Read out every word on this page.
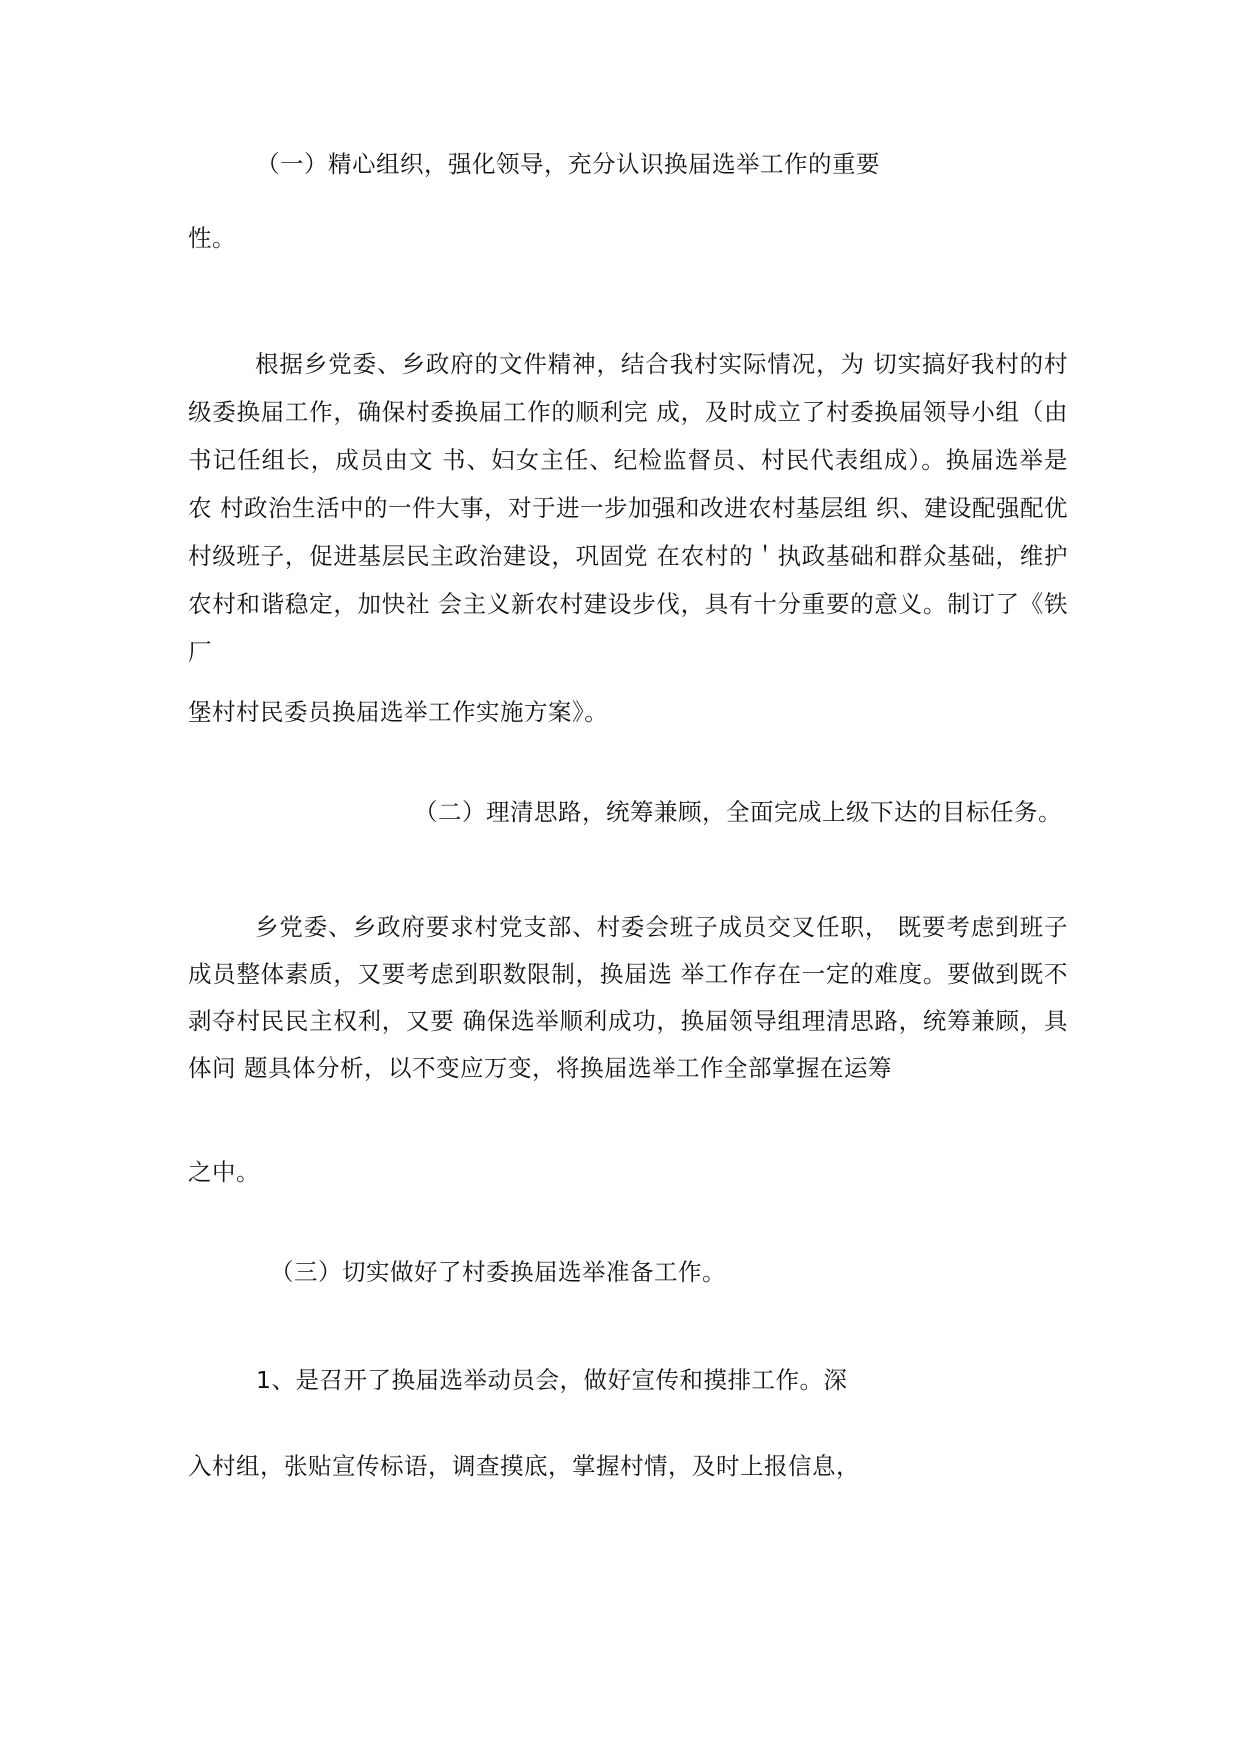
（一）精心组织，强化领导，充分认识换届选举工作的重要

性。

根据乡党委、乡政府的文件精神，结合我村实际情况，为 切实搞好我村的村级委换届工作，确保村委换届工作的顺利完 成，及时成立了村委换届领导小组（由书记任组长，成员由文 书、妇女主任、纪检监督员、村民代表组成）。换届选举是农 村政治生活中的一件大事，对于进一步加强和改进农村基层组 织、建设配强配优村级班子，促进基层民主政治建设，巩固党 在农村的＇执政基础和群众基础，维护农村和谐稳定，加快社 会主义新农村建设步伐，具有十分重要的意义。制订了《铁厂

堡村村民委员换届选举工作实施方案》。

（二）理清思路，统筹兼顾，全面完成上级下达的目标任务。

乡党委、乡政府要求村党支部、村委会班子成员交叉任职， 既要考虑到班子成员整体素质，又要考虑到职数限制，换届选 举工作存在一定的难度。要做到既不剥夺村民民主权利，又要 确保选举顺利成功，换届领导组理清思路，统筹兼顾，具体问 题具体分析，以不变应万变，将换届选举工作全部掌握在运筹

之中。

（三）切实做好了村委换届选举准备工作。

1、是召开了换届选举动员会，做好宣传和摸排工作。深

入村组，张贴宣传标语，调查摸底，掌握村情，及时上报信息，
